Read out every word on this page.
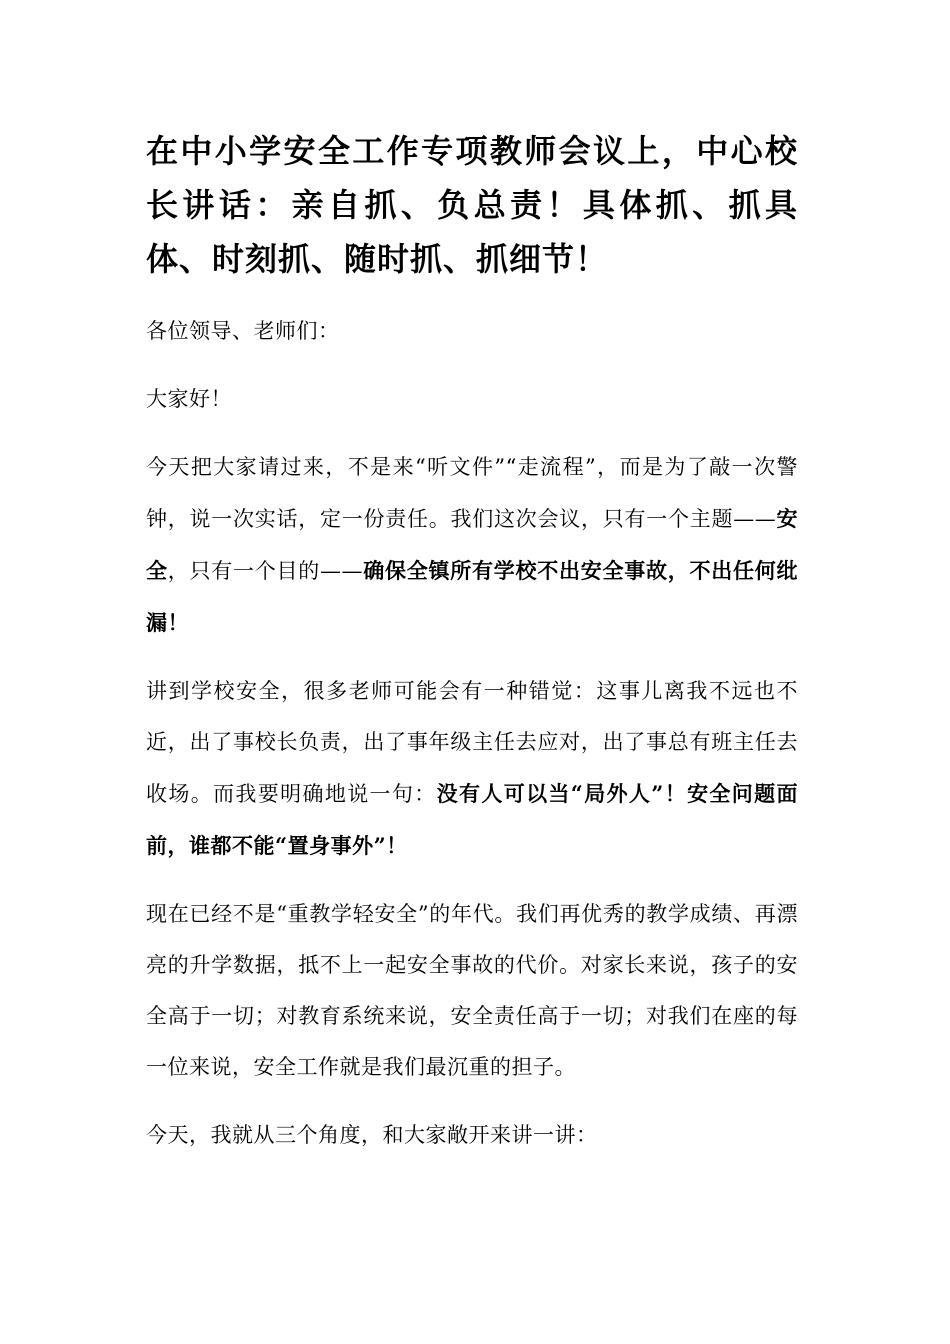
在中小学安全工作专项教师会议上，中心校长讲话：亲自抓、负总责！具体抓、抓具体、时刻抓、随时抓、抓细节！

各位领导、老师们：

大家好！

今天把大家请过来，不是来“听文件”“走流程”，而是为了敲一次警钟，说一次实话，定一份责任。我们这次会议，只有一个主题——安全，只有一个目的——确保全镇所有学校不出安全事故，不出任何纰漏！

讲到学校安全，很多老师可能会有一种错觉：这事儿离我不远也不近，出了事校长负责，出了事年级主任去应对，出了事总有班主任去收场。而我要明确地说一句：没有人可以当“局外人”！安全问题面前，谁都不能“置身事外”！

现在已经不是“重教学轻安全”的年代。我们再优秀的教学成绩、再漂亮的升学数据，抵不上一起安全事故的代价。对家长来说，孩子的安全高于一切；对教育系统来说，安全责任高于一切；对我们在座的每一位来说，安全工作就是我们最沉重的担子。

今天，我就从三个角度，和大家敞开来讲一讲：
